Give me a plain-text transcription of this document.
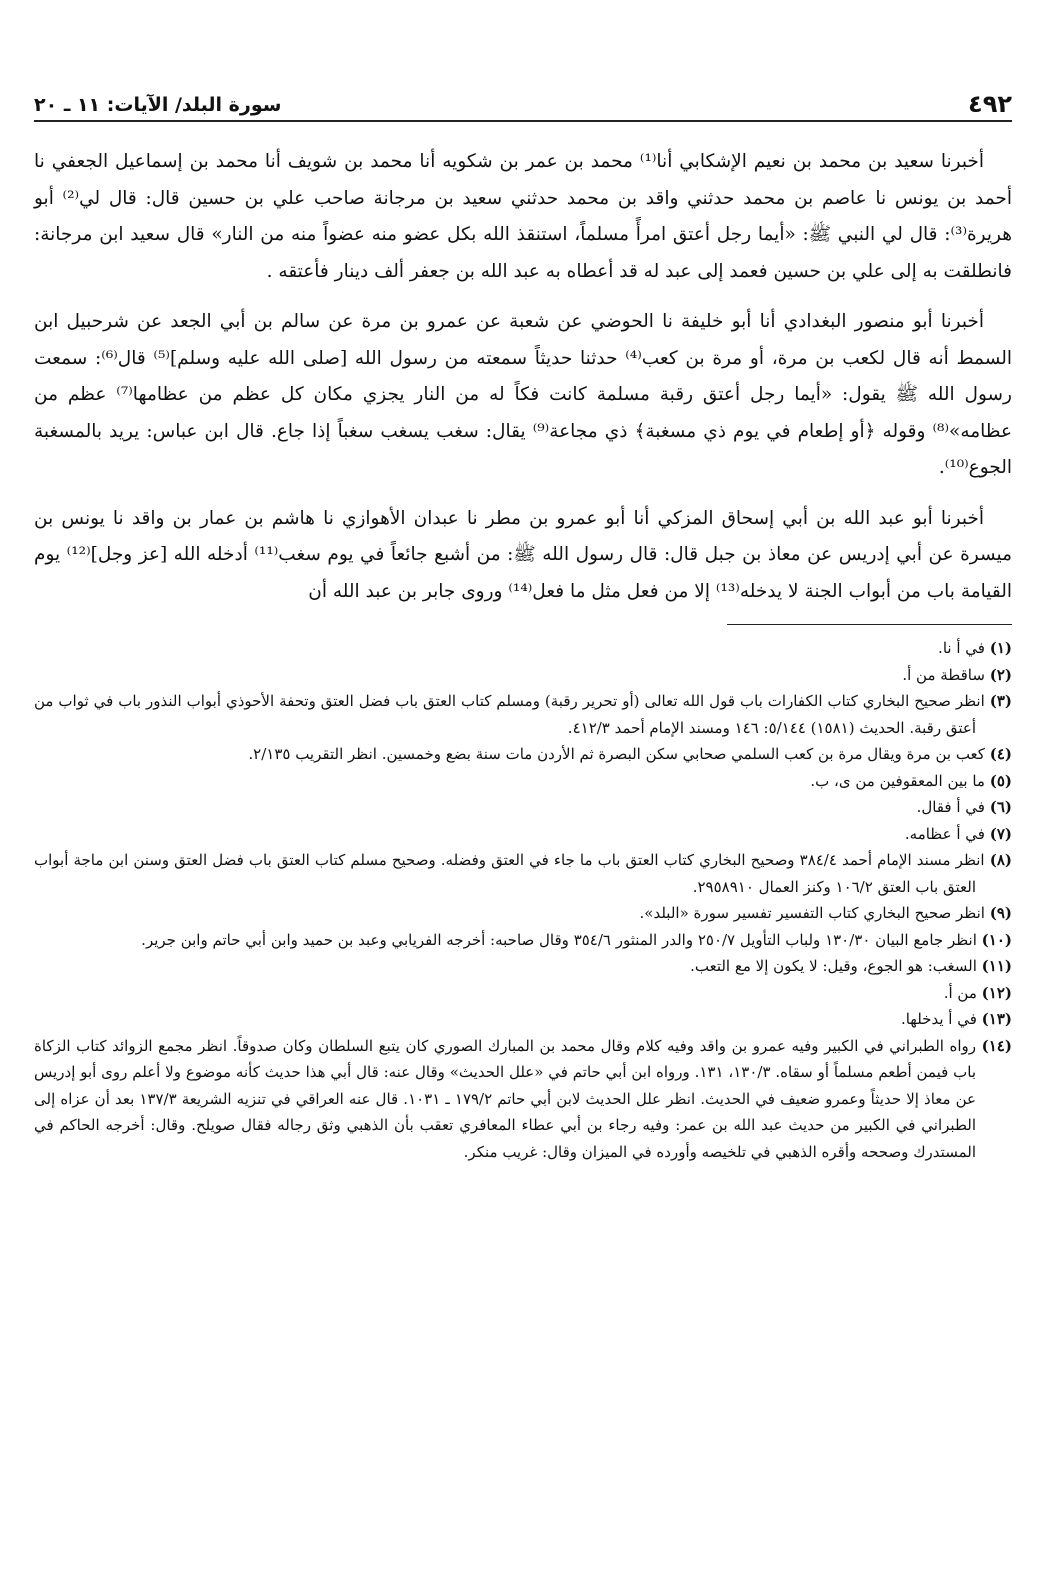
٤٩٢
سورة البلد/ الآيات: ١١ ـ ٢٠

أخبرنا سعيد بن محمد بن نعيم الإشكابي أنا⁽¹⁾ محمد بن عمر بن شكويه أنا محمد بن شويف أنا محمد بن إسماعيل الجعفي نا أحمد بن يونس نا عاصم بن محمد حدثني واقد بن محمد حدثني سعيد بن مرجانة صاحب علي بن حسين قال: قال لي⁽²⁾ أبو هريرة⁽³⁾: قال لي النبي ﷺ: «أيما رجل أعتق امرأً مسلماً، استنقذ الله بكل عضو منه عضواً منه من النار» قال سعيد ابن مرجانة: فانطلقت به إلى علي بن حسين فعمد إلى عبد له قد أعطاه به عبد الله بن جعفر ألف دينار فأعتقه .

أخبرنا أبو منصور البغدادي أنا أبو خليفة نا الحوضي عن شعبة عن عمرو بن مرة عن سالم بن أبي الجعد عن شرحبيل ابن السمط أنه قال لكعب بن مرة، أو مرة بن كعب⁽⁴⁾ حدثنا حديثاً سمعته من رسول الله [صلى الله عليه وسلم]⁽⁵⁾ قال⁽⁶⁾: سمعت رسول الله ﷺ يقول: «أيما رجل أعتق رقبة مسلمة كانت فكاً له من النار يجزي مكان كل عظم من عظامها⁽⁷⁾ عظم من عظامه»⁽⁸⁾ وقوله ﴿أو إطعام في يوم ذي مسغبة﴾ ذي مجاعة⁽⁹⁾ يقال: سغب يسغب سغباً إذا جاع. قال ابن عباس: يريد بالمسغبة الجوع⁽¹⁰⁾.

أخبرنا أبو عبد الله بن أبي إسحاق المزكي أنا أبو عمرو بن مطر نا عبدان الأهوازي نا هاشم بن عمار بن واقد نا يونس بن ميسرة عن أبي إدريس عن معاذ بن جبل قال: قال رسول الله ﷺ: من أشبع جائعاً في يوم سغب⁽¹¹⁾ أدخله الله [عز وجل]⁽¹²⁾ يوم القيامة باب من أبواب الجنة لا يدخله⁽¹³⁾ إلا من فعل مثل ما فعل⁽¹⁴⁾ وروى جابر بن عبد الله أن

(١) في أ نا.

(٢) ساقطة من أ.

(٣) انظر صحيح البخاري كتاب الكفارات باب قول الله تعالى (أو تحرير رقبة) ومسلم كتاب العتق باب فضل العتق وتحفة الأحوذي أبواب النذور باب في ثواب من أعتق رقبة. الحديث (١٥٨١) ٥/١٤٤: ١٤٦ ومسند الإمام أحمد ٤١٢/٣.

(٤) كعب بن مرة ويقال مرة بن كعب السلمي صحابي سكن البصرة ثم الأردن مات سنة بضع وخمسين. انظر التقريب ٢/١٣٥.

(٥) ما بين المعقوفين من ى، ب.

(٦) في أ فقال.

(٧) في أ عظامه.

(٨) انظر مسند الإمام أحمد ٣٨٤/٤ وصحيح البخاري كتاب العتق باب ما جاء في العتق وفضله. وصحيح مسلم كتاب العتق باب فضل العتق وسنن ابن ماجة أبواب العتق باب العتق ١٠٦/٢ وكنز العمال ٢٩٥٨٩١٠.

(٩) انظر صحيح البخاري كتاب التفسير تفسير سورة «البلد».

(١٠) انظر جامع البيان ١٣٠/٣٠ ولباب التأويل ٢٥٠/٧ والدر المنثور ٣٥٤/٦ وقال صاحبه: أخرجه الفريابي وعبد بن حميد وابن أبي حاتم وابن جرير.

(١١) السغب: هو الجوع، وقيل: لا يكون إلا مع التعب.

(١٢) من أ.

(١٣) في أ يدخلها.

(١٤) رواه الطبراني في الكبير وفيه عمرو بن واقد وفيه كلام وقال محمد بن المبارك الصوري كان يتبع السلطان وكان صدوقاً. انظر مجمع الزوائد كتاب الزكاة باب فيمن أطعم مسلماً أو سقاه. ١٣٠/٣، ١٣١. ورواه ابن أبي حاتم في «علل الحديث» وقال عنه: قال أبي هذا حديث كأنه موضوع ولا أعلم روى أبو إدريس عن معاذ إلا حديثاً وعمرو ضعيف في الحديث. انظر علل الحديث لابن أبي حاتم ١٧٩/٢ ـ ١٠٣١. قال عنه العراقي في تنزيه الشريعة ١٣٧/٣ بعد أن عزاه إلى الطبراني في الكبير من حديث عبد الله بن عمر: وفيه رجاء بن أبي عطاء المعافري تعقب بأن الذهبي وثق رجاله فقال صويلح. وقال: أخرجه الحاكم في المستدرك وصححه وأقره الذهبي في تلخيصه وأورده في الميزان وقال: غريب منكر.
